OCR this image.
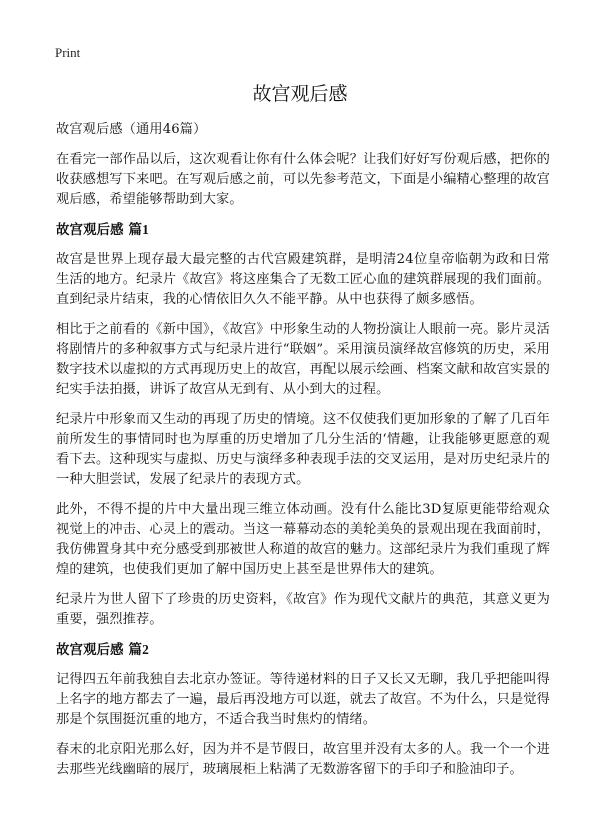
Print
故宫观后感

故宫观后感（通用46篇）

在看完一部作品以后，这次观看让你有什么体会呢？让我们好好写份观后感，把你的收获感想写下来吧。在写观后感之前，可以先参考范文，下面是小编精心整理的故宫观后感，希望能够帮助到大家。

故宫观后感 篇1

故宫是世界上现存最大最完整的古代宫殿建筑群，是明清24位皇帝临朝为政和日常生活的地方。纪录片《故宫》将这座集合了无数工匠心血的建筑群展现的我们面前。直到纪录片结束，我的心情依旧久久不能平静。从中也获得了颇多感悟。

相比于之前看的《新中国》，《故宫》中形象生动的人物扮演让人眼前一亮。影片灵活将剧情片的多种叙事方式与纪录片进行“联姻”。采用演员演绎故宫修筑的历史，采用数字技术以虚拟的方式再现历史上的故宫，再配以展示绘画、档案文献和故宫实景的纪实手法拍摄，讲诉了故宫从无到有、从小到大的过程。

纪录片中形象而又生动的再现了历史的情境。这不仅使我们更加形象的了解了几百年前所发生的事情同时也为厚重的历史增加了几分生活的‘情趣，让我能够更愿意的观看下去。这种现实与虚拟、历史与演绎多种表现手法的交叉运用，是对历史纪录片的一种大胆尝试，发展了纪录片的表现方式。

此外，不得不提的片中大量出现三维立体动画。没有什么能比3D复原更能带给观众视觉上的冲击、心灵上的震动。当这一幕幕动态的美轮美奂的景观出现在我面前时，我仿佛置身其中充分感受到那被世人称道的故宫的魅力。这部纪录片为我们重现了辉煌的建筑，也使我们更加了解中国历史上甚至是世界伟大的建筑。

纪录片为世人留下了珍贵的历史资料，《故宫》作为现代文献片的典范，其意义更为重要，强烈推荐。

故宫观后感 篇2

记得四五年前我独自去北京办签证。等待递材料的日子又长又无聊，我几乎把能叫得上名字的地方都去了一遍，最后再没地方可以逛，就去了故宫。不为什么，只是觉得那是个氛围挺沉重的地方，不适合我当时焦灼的情绪。

春末的北京阳光那么好，因为并不是节假日，故宫里并没有太多的人。我一个一个进去那些光线幽暗的展厅，玻璃展柜上粘满了无数游客留下的手印子和脸油印子。
